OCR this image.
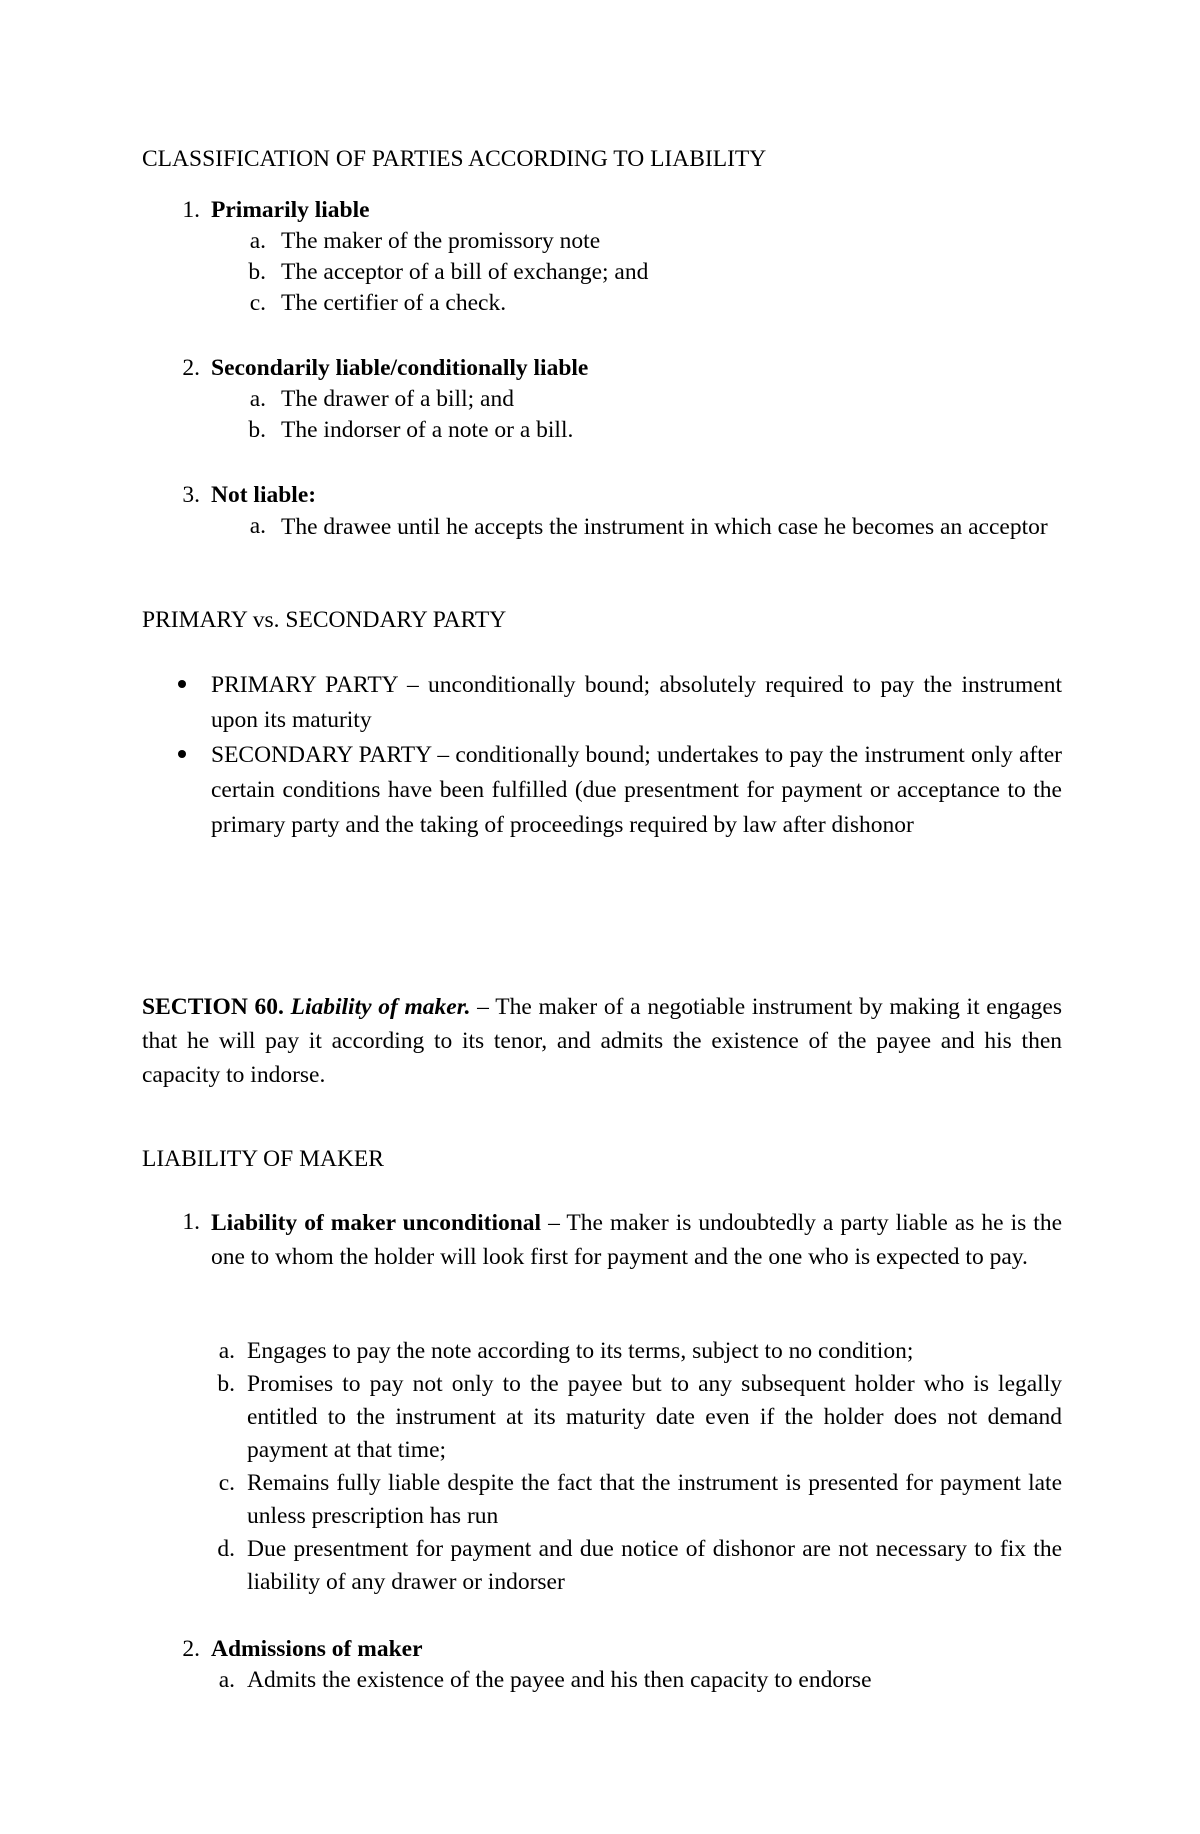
CLASSIFICATION OF PARTIES ACCORDING TO LIABILITY
1. Primarily liable
a. The maker of the promissory note
b. The acceptor of a bill of exchange; and
c. The certifier of a check.
2. Secondarily liable/conditionally liable
a. The drawer of a bill; and
b. The indorser of a note or a bill.
3. Not liable:
a. The drawee until he accepts the instrument in which case he becomes an acceptor
PRIMARY vs. SECONDARY PARTY
PRIMARY PARTY – unconditionally bound; absolutely required to pay the instrument upon its maturity
SECONDARY PARTY – conditionally bound; undertakes to pay the instrument only after certain conditions have been fulfilled (due presentment for payment or acceptance to the primary party and the taking of proceedings required by law after dishonor

SECTION 60. Liability of maker. – The maker of a negotiable instrument by making it engages that he will pay it according to its tenor, and admits the existence of the payee and his then capacity to indorse.

LIABILITY OF MAKER
1. Liability of maker unconditional – The maker is undoubtedly a party liable as he is the one to whom the holder will look first for payment and the one who is expected to pay.
a. Engages to pay the note according to its terms, subject to no condition;
b. Promises to pay not only to the payee but to any subsequent holder who is legally entitled to the instrument at its maturity date even if the holder does not demand payment at that time;
c. Remains fully liable despite the fact that the instrument is presented for payment late unless prescription has run
d. Due presentment for payment and due notice of dishonor are not necessary to fix the liability of any drawer or indorser
2. Admissions of maker
a. Admits the existence of the payee and his then capacity to endorse
